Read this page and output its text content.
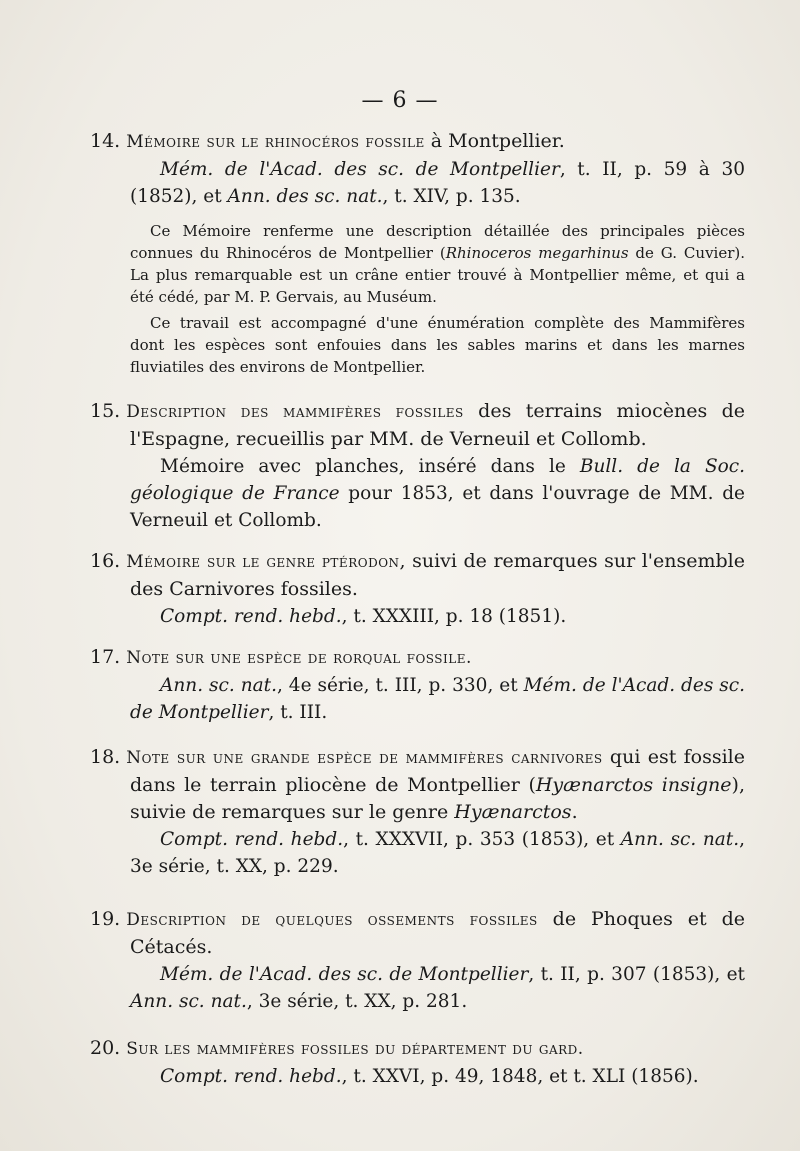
— 6 —
14. Mémoire sur le rhinocéros fossile à Montpellier.
Mém. de l'Acad. des sc. de Montpellier, t. II, p. 59 à 30 (1852), et Ann. des sc. nat., t. XIV, p. 135.
Ce Mémoire renferme une description détaillée des principales pièces connues du Rhinocéros de Montpellier (Rhinoceros megarhinus de G. Cuvier). La plus remarquable est un crâne entier trouvé à Montpellier même, et qui a été cédé, par M. P. Gervais, au Muséum.
Ce travail est accompagné d'une énumération complète des Mammifères dont les espèces sont enfouies dans les sables marins et dans les marnes fluviatiles des environs de Montpellier.
15. Description des mammifères fossiles des terrains miocènes de l'Espagne, recueillis par MM. de Verneuil et Collomb.
Mémoire avec planches, inséré dans le Bull. de la Soc. géologique de France pour 1853, et dans l'ouvrage de MM. de Verneuil et Collomb.
16. Mémoire sur le genre ptérodon, suivi de remarques sur l'ensemble des Carnivores fossiles.
Compt. rend. hebd., t. XXXIII, p. 18 (1851).
17. Note sur une espèce de rorqual fossile.
Ann. sc. nat., 4e série, t. III, p. 330, et Mém. de l'Acad. des sc. de Montpellier, t. III.
18. Note sur une grande espèce de mammifères carnivores qui est fossile dans le terrain pliocène de Montpellier (Hyænarctos insigne), suivie de remarques sur le genre Hyænarctos.
Compt. rend. hebd., t. XXXVII, p. 353 (1853), et Ann. sc. nat., 3e série, t. XX, p. 229.
19. Description de quelques ossements fossiles de Phoques et de Cétacés.
Mém. de l'Acad. des sc. de Montpellier, t. II, p. 307 (1853), et Ann. sc. nat., 3e série, t. XX, p. 281.
20. Sur les mammifères fossiles du département du gard.
Compt. rend. hebd., t. XXVI, p. 49, 1848, et t. XLI (1856).
